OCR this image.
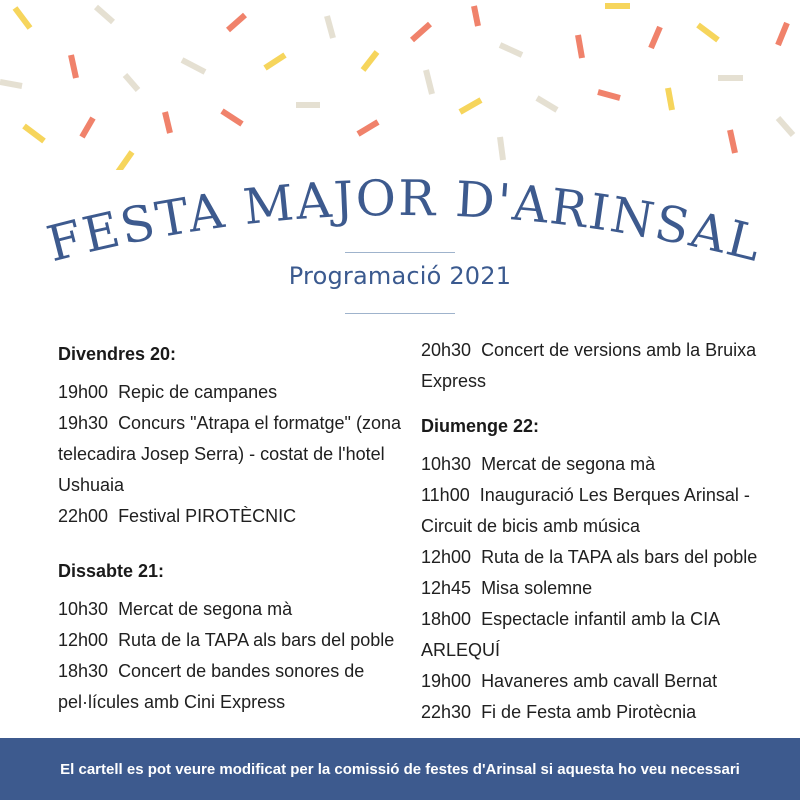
FESTA MAJOR D'ARINSAL
Programació 2021

Divendres 20:

19h00 Repic de campanes

19h30 Concurs "Atrapa el formatge" (zona telecadira Josep Serra) - costat de l'hotel Ushuaia

22h00 Festival PIROTÈCNIC

Dissabte 21:

10h30 Mercat de segona mà

12h00 Ruta de la TAPA als bars del poble

18h30 Concert de bandes sonores de pel·lícules amb Cini Express

20h30 Concert de versions amb la Bruixa Express

Diumenge 22:

10h30 Mercat de segona mà

11h00 Inauguració Les Berques Arinsal - Circuit de bicis amb música

12h00 Ruta de la TAPA als bars del poble

12h45 Misa solemne

18h00 Espectacle infantil amb la CIA ARLEQUÍ

19h00 Havaneres amb cavall Bernat

22h30 Fi de Festa amb Pirotècnia

El cartell es pot veure modificat per la comissió de festes d'Arinsal si aquesta ho veu necessari
